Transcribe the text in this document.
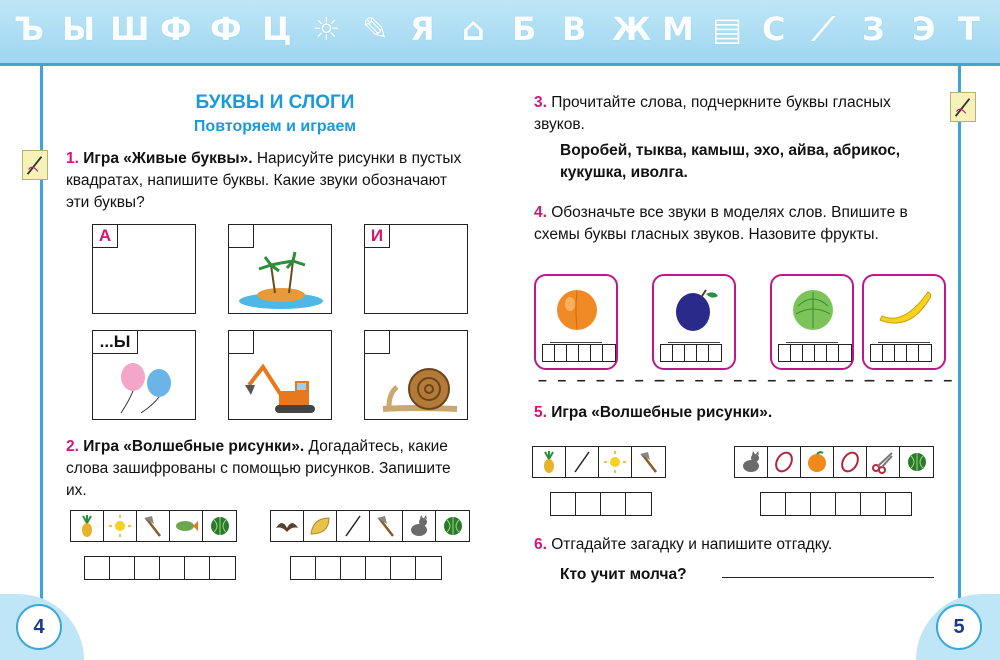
Ъ Ы Ш Ф Ф Ц ☼ ✎ Я ⌂ Б В Ж М ▤ С ⟋ З Э Т
БУКВЫ И СЛОГИ
Повторяем и играем
1. Игра «Живые буквы». Нарисуйте рисунки в пустых квадратах, напишите буквы. Какие звуки обозначают эти буквы?
А	И
...Ы
2. Игра «Волшебные рисунки». Догадайтесь, какие слова зашифрованы с помощью рисунков. Запишите их.
4
3. Прочитайте слова, подчеркните буквы гласных звуков.
Воробей, тыква, камыш, эхо, айва, абрикос, кукушка, иволга.
4. Обозначьте все звуки в моделях слов. Впишите в схемы буквы гласных звуков. Назовите фрукты.
– – – – – – –
– – – – – – – – – – – –
– – – – –
5. Игра «Волшебные рисунки».
6. Отгадайте загадку и напишите отгадку.
Кто учит молча?
5
